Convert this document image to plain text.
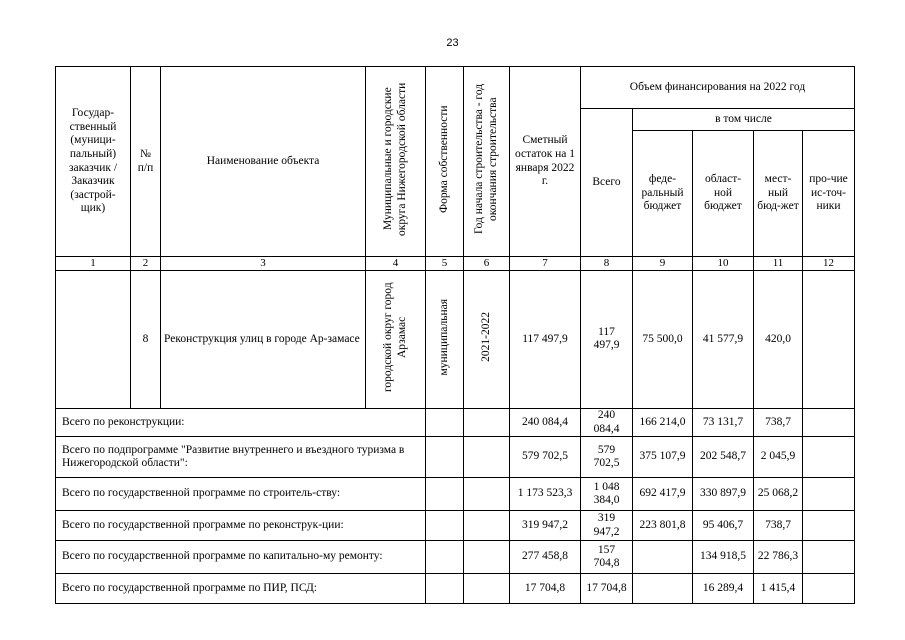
23
Государ-ственный (муници-пальный) заказчик / Заказчик (застрой-щик)	№ п/п	Наименование объекта	Муниципальные и городские округа Нижегородской области	Форма собственности	Год начала строительства - год окончания строительства	Сметный остаток на 1 января 2022 г.	Объем финансирования на 2022 год				
							Всего	в том числе			
								феде-ральный бюджет	област-ной бюджет	мест-ный бюд-жет	про-чие ис-точ-ники
1	2	3	4	5	6	7	8	9	10	11	12
	8	Реконструкция улиц в городе Ар-замасе	городской округ город Арзамас	муниципальная	2021-2022	117 497,9	117 497,9	75 500,0	41 577,9	420,0	
Всего по реконструкции:						240 084,4	240 084,4	166 214,0	73 131,7	738,7	
Всего по подпрограмме "Развитие внутреннего и въездного туризма в Нижегородской области":						579 702,5	579 702,5	375 107,9	202 548,7	2 045,9	
Всего по государственной программе по строитель-ству:						1 173 523,3	1 048 384,0	692 417,9	330 897,9	25 068,2	
Всего по государственной программе по реконструк-ции:						319 947,2	319 947,2	223 801,8	95 406,7	738,7	
Всего по государственной программе по капитально-му ремонту:						277 458,8	157 704,8		134 918,5	22 786,3	
Всего по государственной программе по ПИР, ПСД:						17 704,8	17 704,8		16 289,4	1 415,4	
